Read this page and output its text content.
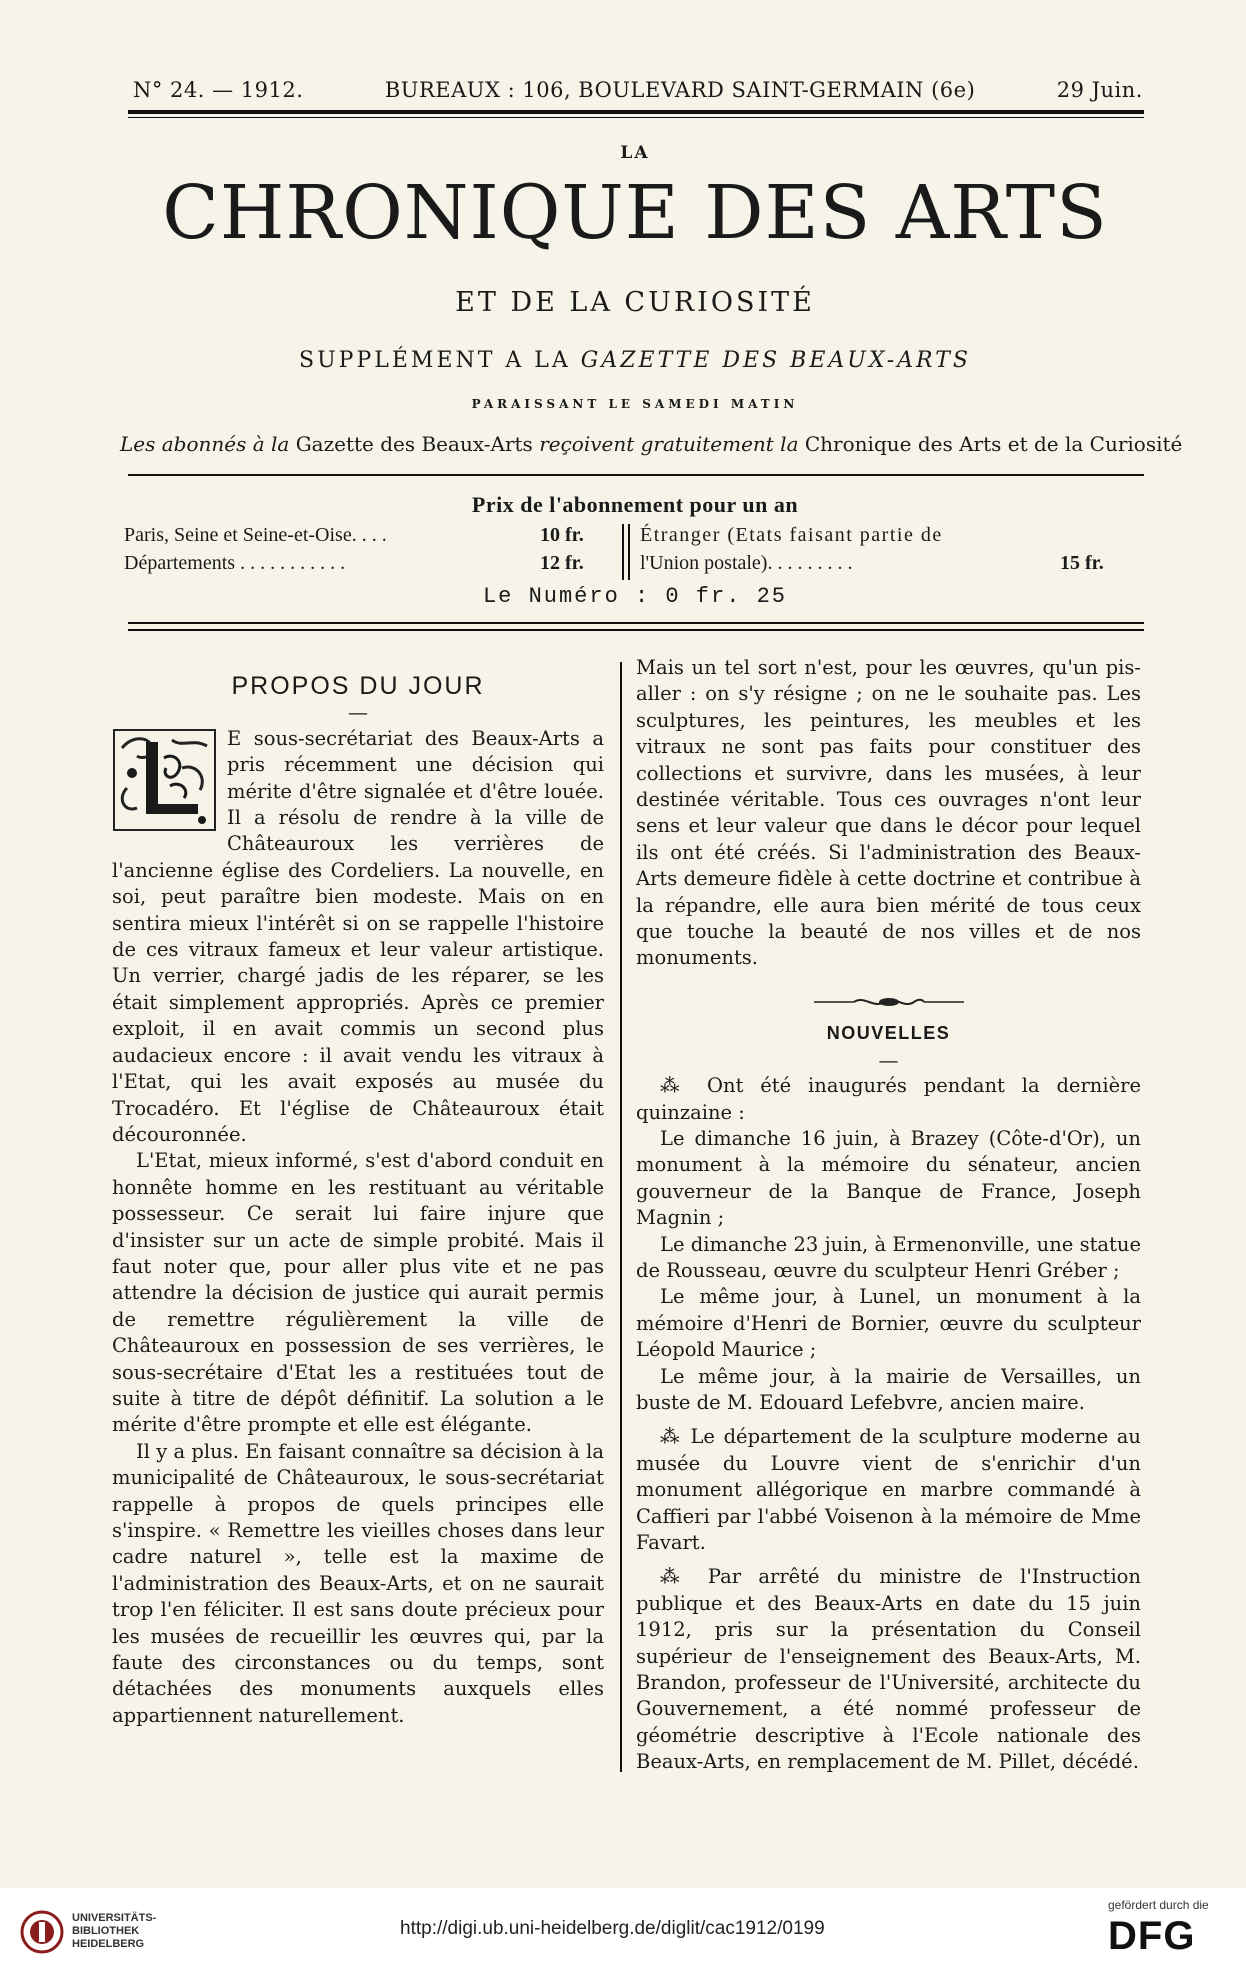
N° 24. — 1912.	BUREAUX : 106, BOULEVARD SAINT-GERMAIN (6e)	29 Juin.
LA
CHRONIQUE DES ARTS
ET DE LA CURIOSITÉ
SUPPLÉMENT A LA GAZETTE DES BEAUX-ARTS
PARAISSANT LE SAMEDI MATIN
Les abonnés à la Gazette des Beaux-Arts reçoivent gratuitement la Chronique des Arts et de la Curiosité
Prix de l'abonnement pour un an
Paris, Seine et Seine-et-Oise. . . .	10 fr.
Départements . . . . . . . . . . .	12 fr.
Étranger (Etats faisant partie de
l'Union postale). . . . . . . . .	15 fr.
Le Numéro : 0 fr. 25

PROPOS DU JOUR

—

E sous-secrétariat des Beaux-Arts a pris récemment une décision qui mérite d'être signalée et d'être louée. Il a résolu de rendre à la ville de Châteauroux les verrières de l'ancienne église des Cordeliers. La nouvelle, en soi, peut paraître bien modeste. Mais on en sentira mieux l'intérêt si on se rappelle l'histoire de ces vitraux fameux et leur valeur artistique. Un verrier, chargé jadis de les réparer, se les était simplement appropriés. Après ce premier exploit, il en avait commis un second plus audacieux encore : il avait vendu les vitraux à l'Etat, qui les avait exposés au musée du Trocadéro. Et l'église de Châteauroux était découronnée.

L'Etat, mieux informé, s'est d'abord conduit en honnête homme en les restituant au véritable possesseur. Ce serait lui faire injure que d'insister sur un acte de simple probité. Mais il faut noter que, pour aller plus vite et ne pas attendre la décision de justice qui aurait permis de remettre régulièrement la ville de Châteauroux en possession de ses verrières, le sous-secrétaire d'Etat les a restituées tout de suite à titre de dépôt définitif. La solution a le mérite d'être prompte et elle est élégante.

Il y a plus. En faisant connaître sa décision à la municipalité de Châteauroux, le sous-secrétariat rappelle à propos de quels principes elle s'inspire. « Remettre les vieilles choses dans leur cadre naturel », telle est la maxime de l'administration des Beaux-Arts, et on ne saurait trop l'en féliciter. Il est sans doute précieux pour les musées de recueillir les œuvres qui, par la faute des circonstances ou du temps, sont détachées des monuments auxquels elles appartiennent naturellement.

Mais un tel sort n'est, pour les œuvres, qu'un pis-aller : on s'y résigne ; on ne le souhaite pas. Les sculptures, les peintures, les meubles et les vitraux ne sont pas faits pour constituer des collections et survivre, dans les musées, à leur destinée véritable. Tous ces ouvrages n'ont leur sens et leur valeur que dans le décor pour lequel ils ont été créés. Si l'administration des Beaux-Arts demeure fidèle à cette doctrine et contribue à la répandre, elle aura bien mérité de tous ceux que touche la beauté de nos villes et de nos monuments.

NOUVELLES

—

⁂ Ont été inaugurés pendant la dernière quinzaine :

Le dimanche 16 juin, à Brazey (Côte-d'Or), un monument à la mémoire du sénateur, ancien gouverneur de la Banque de France, Joseph Magnin ;

Le dimanche 23 juin, à Ermenonville, une statue de Rousseau, œuvre du sculpteur Henri Gréber ;

Le même jour, à Lunel, un monument à la mémoire d'Henri de Bornier, œuvre du sculpteur Léopold Maurice ;

Le même jour, à la mairie de Versailles, un buste de M. Edouard Lefebvre, ancien maire.

⁂ Le département de la sculpture moderne au musée du Louvre vient de s'enrichir d'un monument allégorique en marbre commandé à Caffieri par l'abbé Voisenon à la mémoire de Mme Favart.

⁂ Par arrêté du ministre de l'Instruction publique et des Beaux-Arts en date du 15 juin 1912, pris sur la présentation du Conseil supérieur de l'enseignement des Beaux-Arts, M. Brandon, professeur de l'Université, architecte du Gouvernement, a été nommé professeur de géométrie descriptive à l'Ecole nationale des Beaux-Arts, en remplacement de M. Pillet, décédé.

UNIVERSITÄTS-
BIBLIOTHEK
HEIDELBERG
http://digi.ub.uni-heidelberg.de/diglit/cac1912/0199
gefördert durch die
DFG
